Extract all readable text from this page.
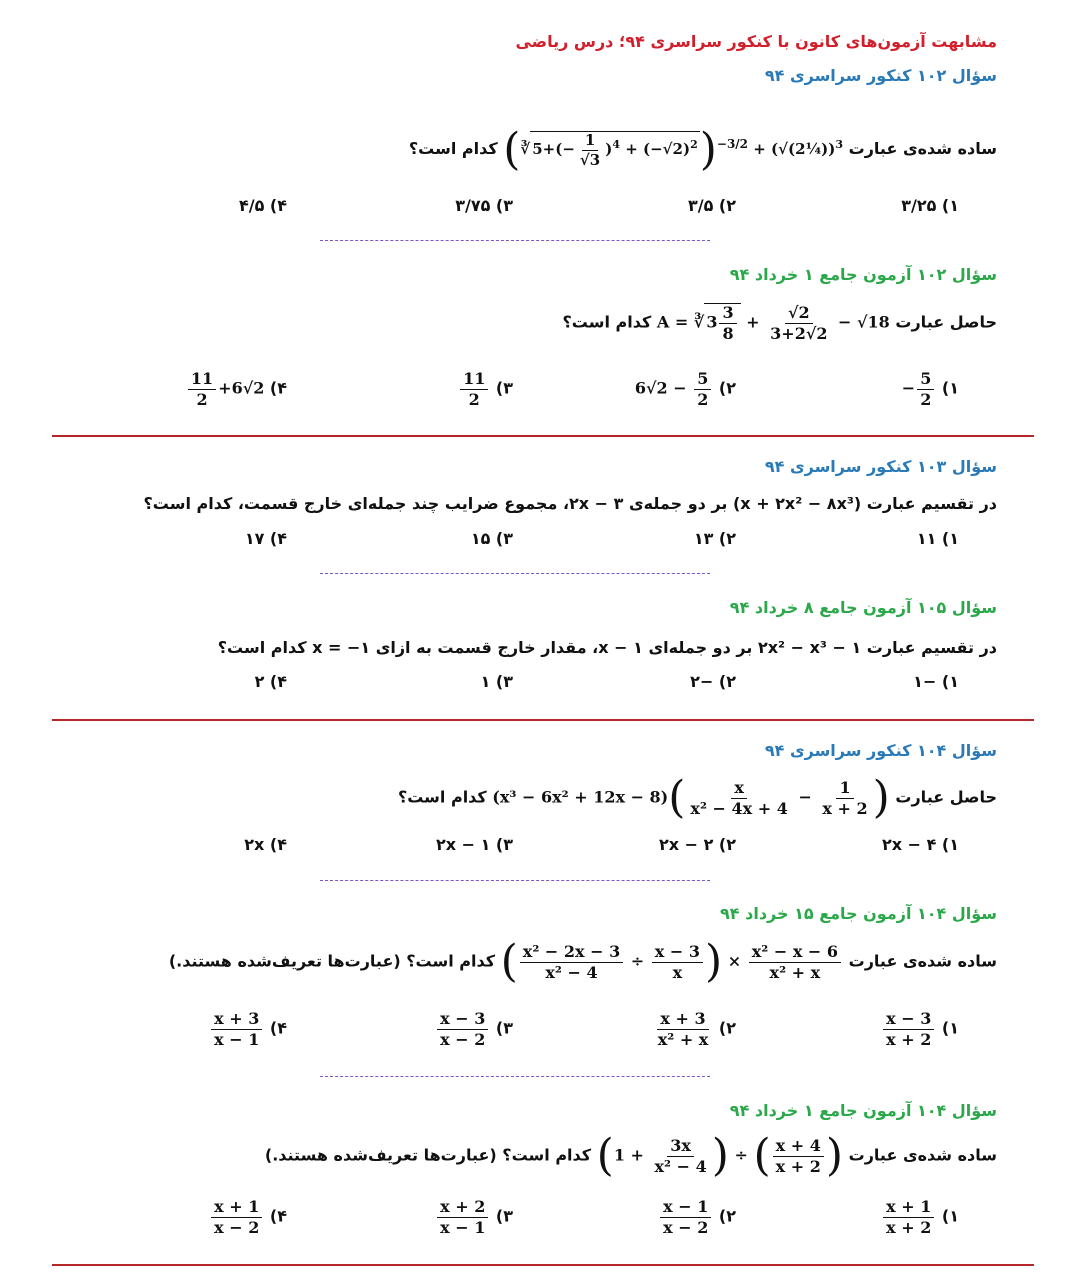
مشابهت آزمون‌های کانون با کنکور سراسری ۹۴؛ درس ریاضی
سؤال ۱۰۲ کنکور سراسری ۹۴
ساده شده‌ی عبارت (∛ $5+(- \frac{1}{√3} )^4 + (-√2)^2)^{-3/2}$ + (√(2¼))$^3$ کدام است؟
۱) ۳/۲۵
۲) ۳/۵
۳) ۳/۷۵
۴) ۴/۵
سؤال ۱۰۲ آزمون جامع ۱ خرداد ۹۴
حاصل عبارت A = ∛ $3 \frac{3}{8} + \frac{√2}{3+2√2} - √18$ کدام است؟
۱) − $\frac{5}{2}$
۲) $6√2 - \frac{5}{2}$
۳)
$\frac{11}{2}$
۴)
$\frac{11}{2} +6√2$
سؤال ۱۰۳ کنکور سراسری ۹۴
در تقسیم عبارت (x + ۲x² − ۸x³) بر دو جمله‌ی ۲x − ۳، مجموع ضرایب چند جمله‌ای خارج قسمت، کدام است؟
۱) ۱۱
۲) ۱۳
۳) ۱۵
۴) ۱۷
سؤال ۱۰۵ آزمون جامع ۸ خرداد ۹۴
در تقسیم عبارت ۲x² − x³ − ۱ بر دو جمله‌ای x − ۱، مقدار خارج قسمت به ازای x = −۱ کدام است؟
۱) −۱
۲) −۲
۳) ۱
۴) ۲
سؤال ۱۰۴ کنکور سراسری ۹۴
حاصل عبارت $(x^3 - 6x^2 + 12x - 8)( \frac{x}{\text{x² − 4x + 4}} - \frac{1}{x + 2}$ ) کدام است؟
۱) ۲x − ۴
۲) ۲x − ۲
۳) ۲x − ۱
۴) ۲x
سؤال ۱۰۴ آزمون جامع ۱۵ خرداد ۹۴
ساده شده‌ی عبارت ( $\frac{\text{x² − 2x − 3}}{\text{x² − 4}} \div \frac{x - 3}{x}$ ) × $\frac{\text{x² − x − 6}}{\text{x² + x}}$
کدام است؟ (عبارت‌ها تعریف‌شده هستند.)
۱)
$\frac{x - 3}{x + 2}$
۲)
$\frac{x + 3}{\text{x² + x}}$
۳)
$\frac{x - 3}{x - 2}$
۴)
$\frac{x + 3}{x - 1}$
سؤال ۱۰۴ آزمون جامع ۱ خرداد ۹۴
ساده شده‌ی عبارت ($1 + \frac{3x}{\text{x² − 4}}$ ) ÷ ( $\frac{x + 4}{x + 2}$ ) کدام است؟ (عبارت‌ها تعریف‌شده هستند.)
۱)
$\frac{x + 1}{x + 2}$
۲)
$\frac{x - 1}{x - 2}$
۳)
$\frac{x + 2}{x - 1}$
۴)
$\frac{x + 1}{x - 2}$
